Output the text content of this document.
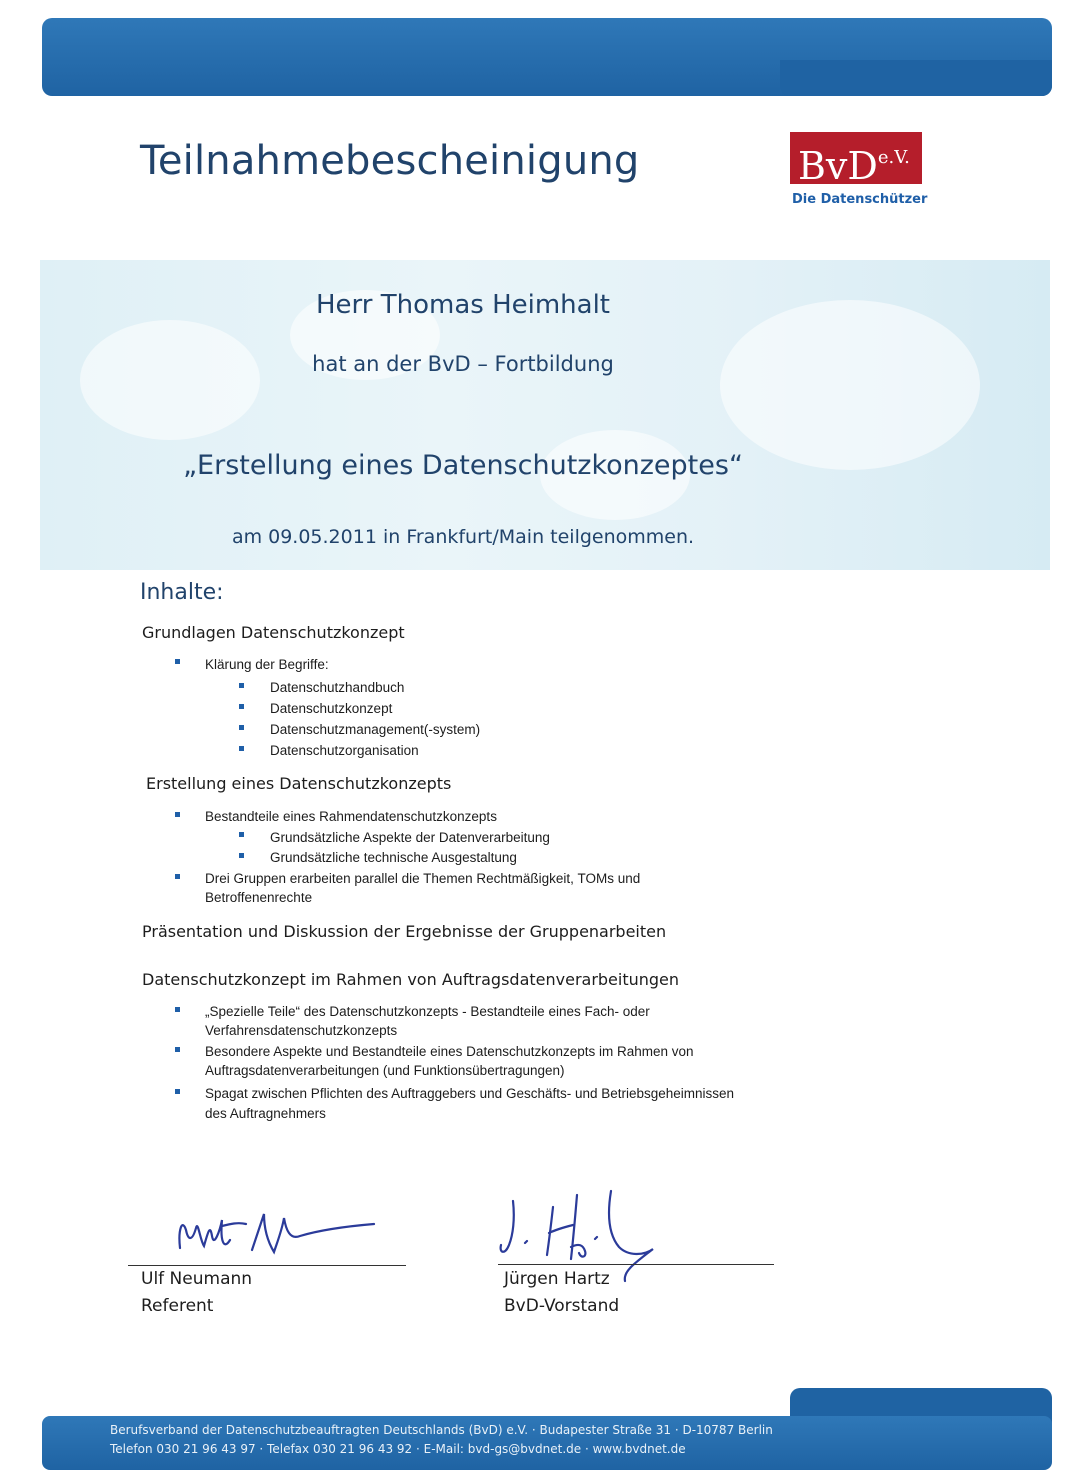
Teilnahmebescheinigung	BvD$^{e.V.}$
Die Datenschützer
Herr Thomas Heimhalt
hat an der BvD – Fortbildung
„Erstellung eines Datenschutzkonzeptes“
am 09.05.2011 in Frankfurt/Main teilgenommen.
Inhalte:
Grundlagen Datenschutzkonzept
Klärung der Begriffe:
Datenschutzhandbuch
Datenschutzkonzept
Datenschutzmanagement(-system)
Datenschutzorganisation
Erstellung eines Datenschutzkonzepts
Bestandteile eines Rahmendatenschutzkonzepts
Grundsätzliche Aspekte der Datenverarbeitung
Grundsätzliche technische Ausgestaltung
Drei Gruppen erarbeiten parallel die Themen Rechtmäßigkeit, TOMs und
Betroffenenrechte
Präsentation und Diskussion der Ergebnisse der Gruppenarbeiten
Datenschutzkonzept im Rahmen von Auftragsdatenverarbeitungen
„Spezielle Teile“ des Datenschutzkonzepts - Bestandteile eines Fach- oder
Verfahrensdatenschutzkonzepts
Besondere Aspekte und Bestandteile eines Datenschutzkonzepts im Rahmen von
Auftragsdatenverarbeitungen (und Funktionsübertragungen)
Spagat zwischen Pflichten des Auftraggebers und Geschäfts- und Betriebsgeheimnissen
des Auftragnehmers
Ulf Neumann
Referent
Jürgen Hartz
BvD-Vorstand
Berufsverband der Datenschutzbeauftragten Deutschlands (BvD) e.V. · Budapester Straße 31 · D-10787 Berlin
Telefon 030 21 96 43 97 · Telefax 030 21 96 43 92 · E-Mail: bvd-gs@bvdnet.de · www.bvdnet.de
